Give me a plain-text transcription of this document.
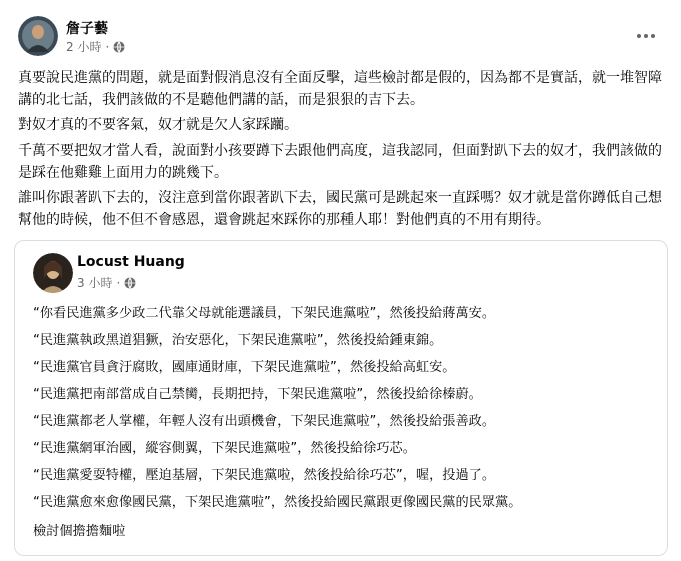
詹子藝
2 小時 ·
真要說民進黨的問題，就是面對假消息沒有全面反擊，這些檢討都是假的，因為都不是實話，就一堆智障講的北七話，我們該做的不是聽他們講的話，而是狠狠的吉下去。
對奴才真的不要客氣，奴才就是欠人家踩躪。
千萬不要把奴才當人看，說面對小孩要蹲下去跟他們高度，這我認同，但面對趴下去的奴才，我們該做的是踩在他雞雞上面用力的跳幾下。
誰叫你跟著趴下去的，沒注意到當你跟著趴下去，國民黨可是跳起來一直踩嗎？奴才就是當你蹲低自己想幫他的時候，他不但不會感恩，還會跳起來踩你的那種人耶！對他們真的不用有期待。
Locust Huang
3 小時 ·
“你看民進黨多少政二代靠父母就能選議員，下架民進黨啦”，然後投給蔣萬安。
“民進黨執政黑道猖獗，治安惡化，下架民進黨啦”，然後投給鍾東錦。
“民進黨官員貪汙腐敗，國庫通財庫，下架民進黨啦”，然後投給高虹安。
“民進黨把南部當成自己禁臠，長期把持，下架民進黨啦”，然後投給徐榛蔚。
“民進黨都老人掌權，年輕人沒有出頭機會，下架民進黨啦”，然後投給張善政。
“民進黨網軍治國，縱容側翼，下架民進黨啦”，然後投給徐巧芯。
“民進黨愛耍特權，壓迫基層，下架民進黨啦，然後投給徐巧芯”，喔，投過了。
“民進黨愈來愈像國民黨，下架民進黨啦”，然後投給國民黨跟更像國民黨的民眾黨。
檢討個擔擔麵啦
